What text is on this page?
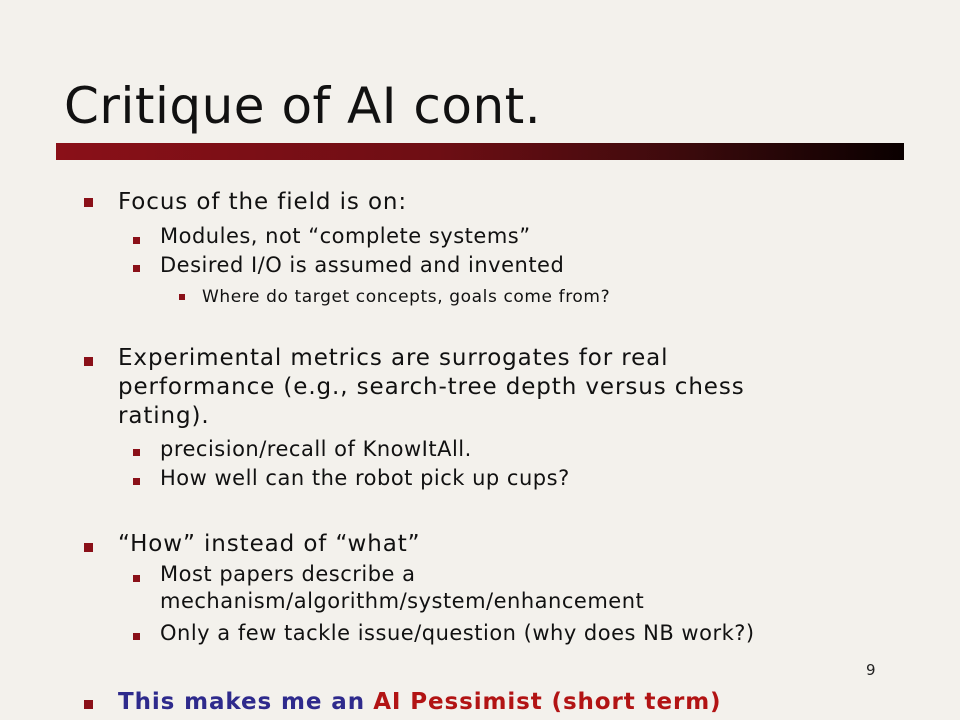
Critique of AI cont.
Focus of the field is on:
Modules, not “complete systems”
Desired I/O is assumed and invented
Where do target concepts, goals come from?
Experimental metrics are surrogates for real
performance (e.g., search-tree depth versus chess
rating).
precision/recall of KnowItAll.
How well can the robot pick up cups?
“How” instead of “what”
Most papers describe a
mechanism/algorithm/system/enhancement
Only a few tackle issue/question (why does NB work?)
This makes me an AI Pessimist (short term)
9
